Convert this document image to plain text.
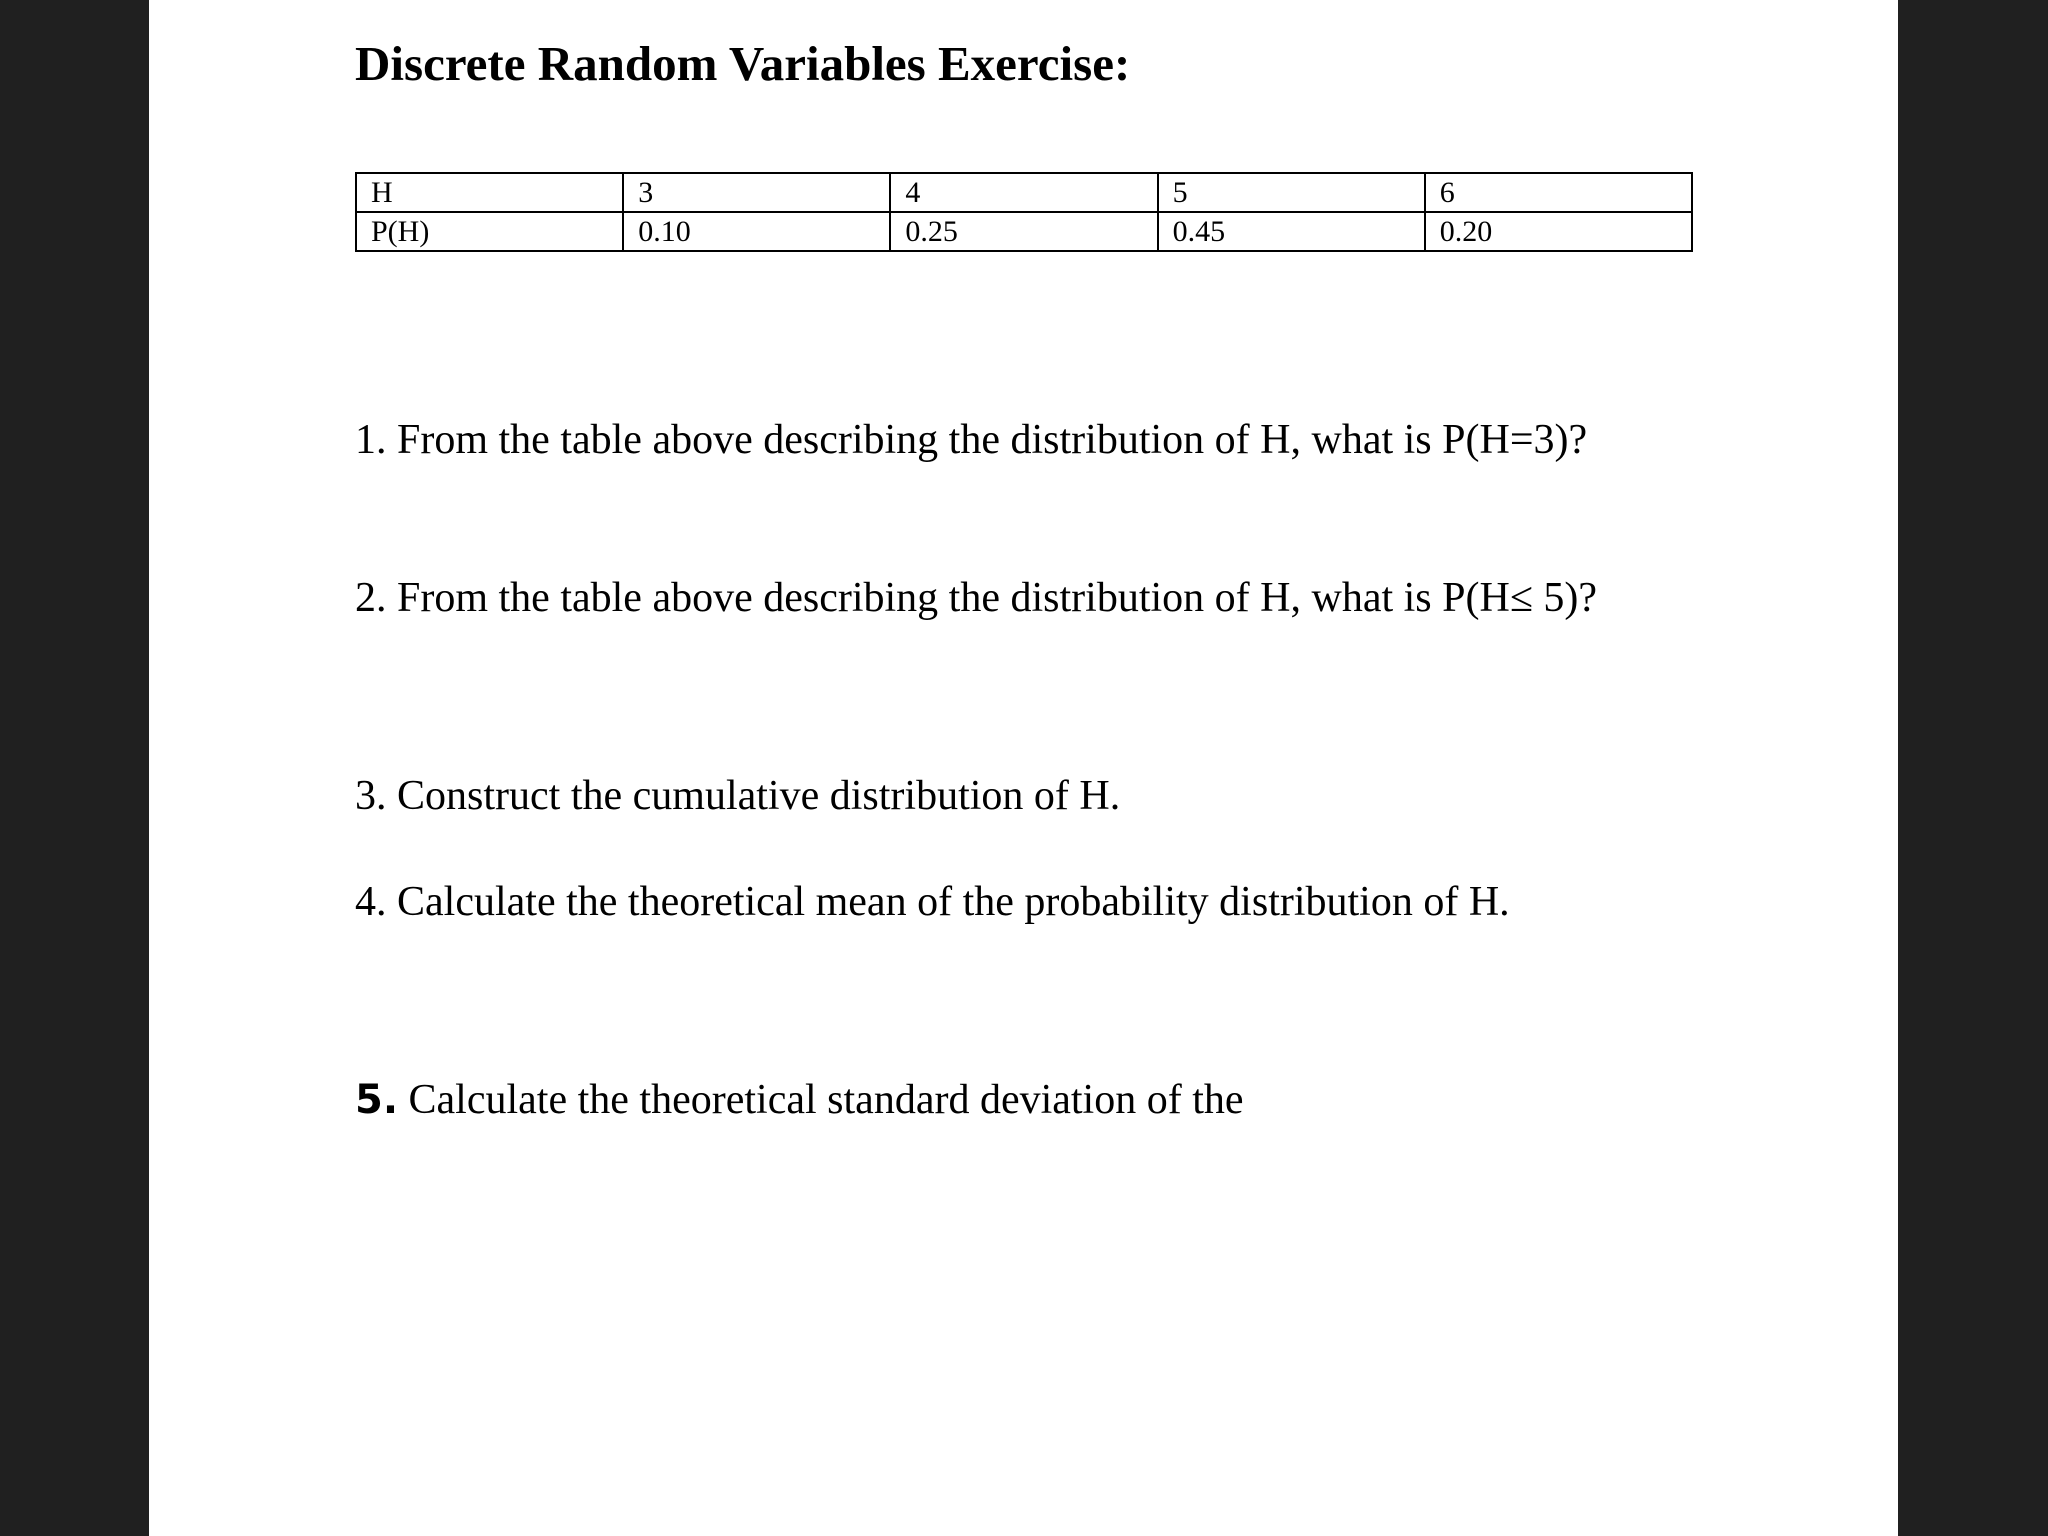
Discrete Random Variables Exercise:
H	3	4	5	6
P(H)	0.10	0.25	0.45	0.20

1. From the table above describing the distribution of H, what is P(H=3)?

2. From the table above describing the distribution of H, what is P(H≤ 5)?

3. Construct the cumulative distribution of H.

4. Calculate the theoretical mean of the probability distribution of H.

5. Calculate the theoretical standard deviation of the
